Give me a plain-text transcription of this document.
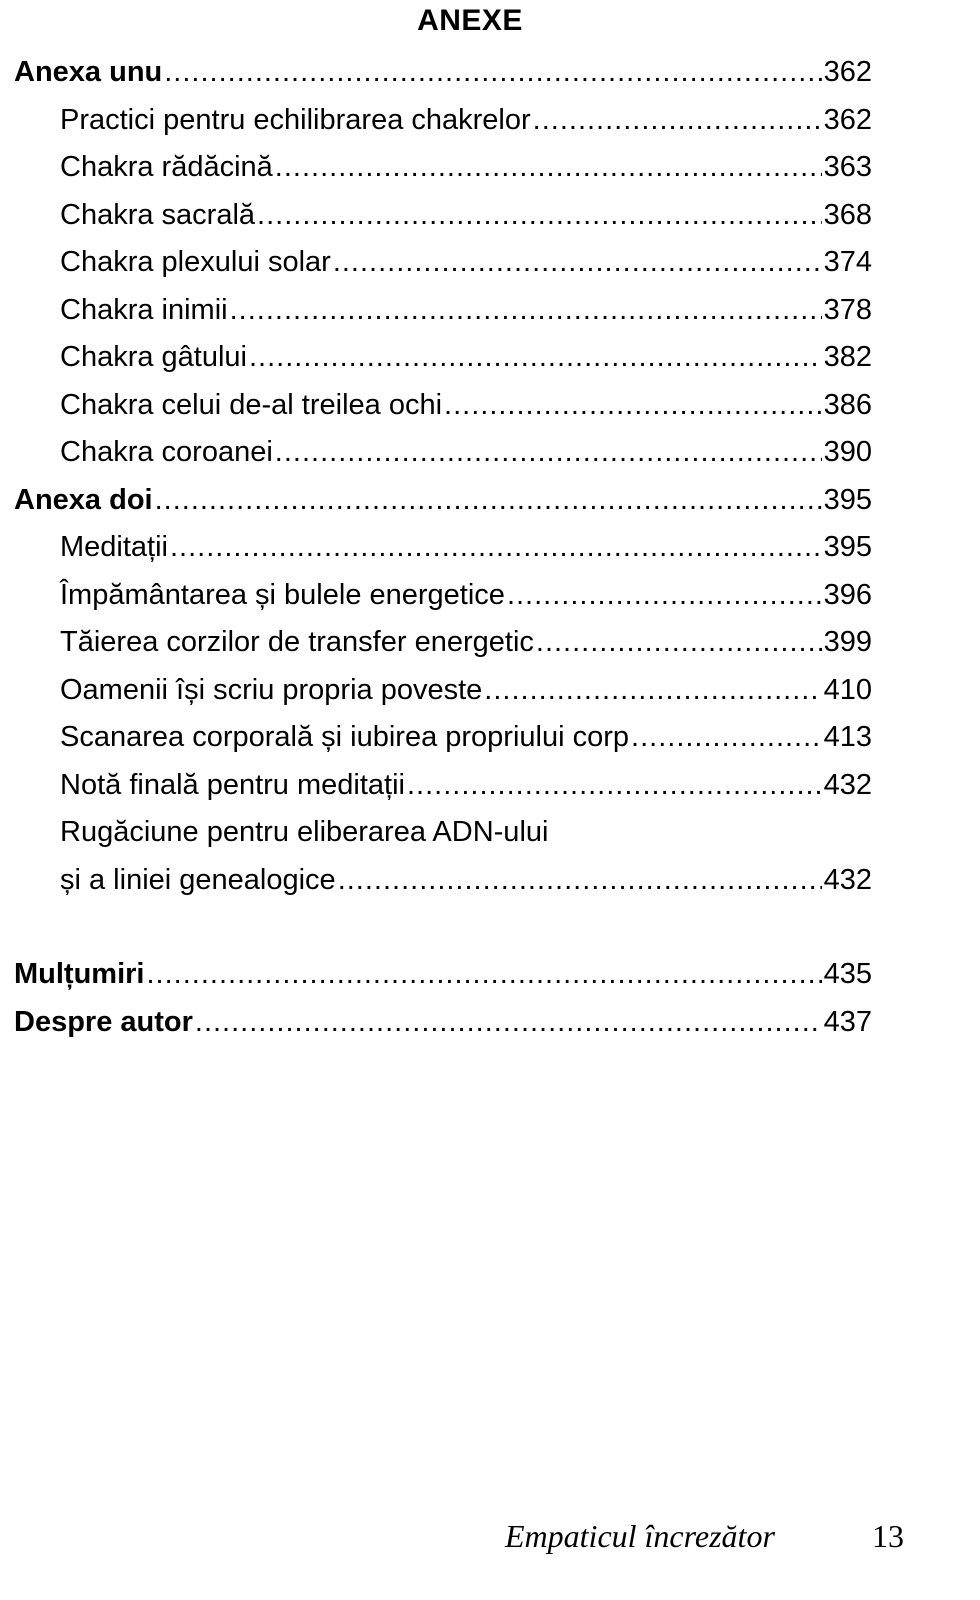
ANEXE
Anexa unu .....	362
Practici pentru echilibrarea chakrelor .....	362
Chakra rădăcină .....	363
Chakra sacrală .....	368
Chakra plexului solar .....	374
Chakra inimii .....	378
Chakra gâtului .....	382
Chakra celui de-al treilea ochi .....	386
Chakra coroanei .....	390
Anexa doi .....	395
Meditații .....	395
Împământarea și bulele energetice .....	396
Tăierea corzilor de transfer energetic .....	399
Oamenii își scriu propria poveste .....	410
Scanarea corporală și iubirea propriului corp .....	413
Notă finală pentru meditații .....	432
Rugăciune pentru eliberarea ADN-ului
și a liniei genealogice .....	432
Mulțumiri .....	435
Despre autor .....	437
Empaticul încrezător	13
